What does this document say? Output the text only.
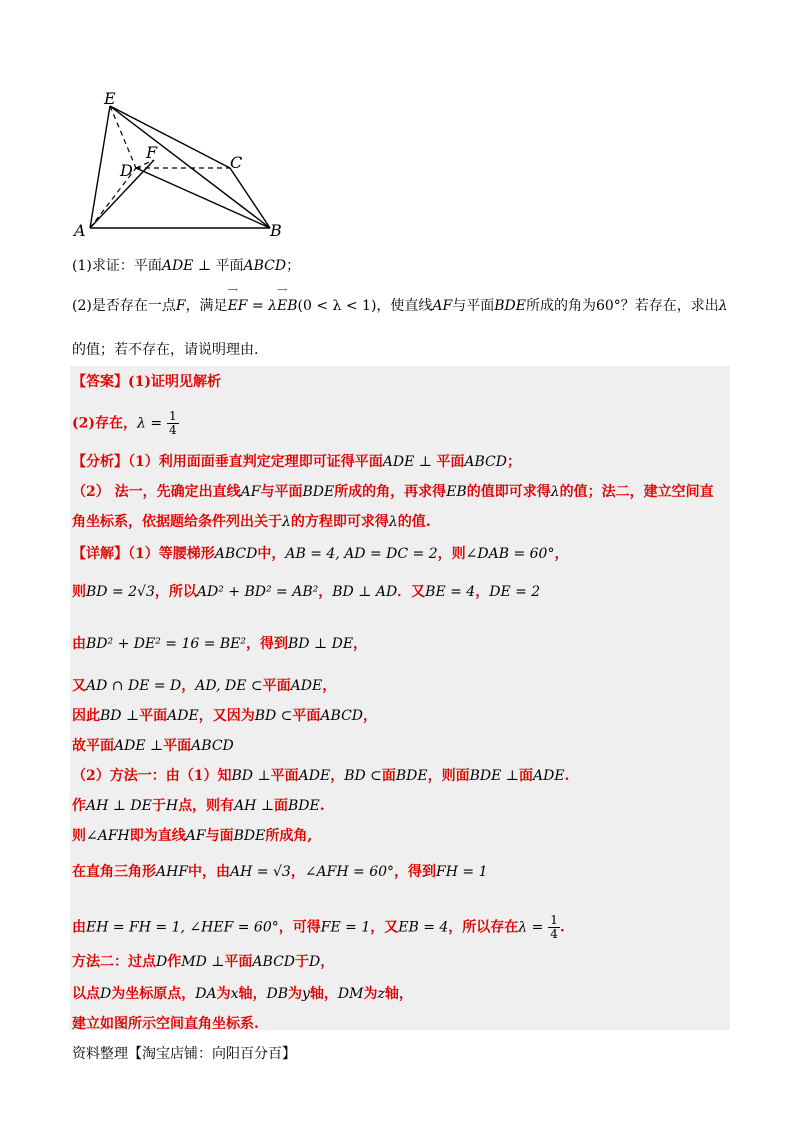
E
F
D	C
A	B
(1)求证：平面ADE ⊥ 平面ABCD；
(2)是否存在一点F，满足
⟶
EF = λ
⟶
EB(0 < λ < 1)，使直线AF与平面BDE所成的角为60°？若存在，求出λ
的值；若不存在，请说明理由.
【答案】(1)证明见解析
(2)存在，$\lambda = \frac{1}{4}$
【分析】（1）利用面面垂直判定定理即可证得平面ADE ⊥ 平面ABCD；
（2） 法一，先确定出直线AF与平面BDE所成的角，再求得EB的值即可求得λ的值；法二，建立空间直
角坐标系，依据题给条件列出关于λ的方程即可求得λ的值.
【详解】（1）等腰梯形ABCD中，AB = 4, AD = DC = 2，则∠DAB = 60°，
则BD = 2√3，所以AD² + BD² = AB²，BD ⊥ AD．又BE = 4，DE = 2
由BD² + DE² = 16 = BE²，得到BD ⊥ DE，
又AD ∩ DE = D，AD, DE ⊂平面ADE，
因此BD ⊥平面ADE，又因为BD ⊂平面ABCD，
故平面ADE ⊥平面ABCD
（2）方法一：由（1）知BD ⊥平面ADE，BD ⊂面BDE，则面BDE ⊥面ADE.
作AH ⊥ DE于H点，则有AH ⊥面BDE.
则∠AFH即为直线AF与面BDE所成角,
在直角三角形AHF中，由AH = √3，∠AFH = 60°，得到FH = 1
由EH = FH = 1, ∠HEF = 60°，可得FE = 1，又EB = 4，所以存在$\lambda = \frac{1}{4}$ .
方法二：过点D作MD ⊥平面ABCD于D，
以点D为坐标原点，DA为x轴，DB为y轴，DM为z轴，
建立如图所示空间直角坐标系.
资料整理【淘宝店铺：向阳百分百】
